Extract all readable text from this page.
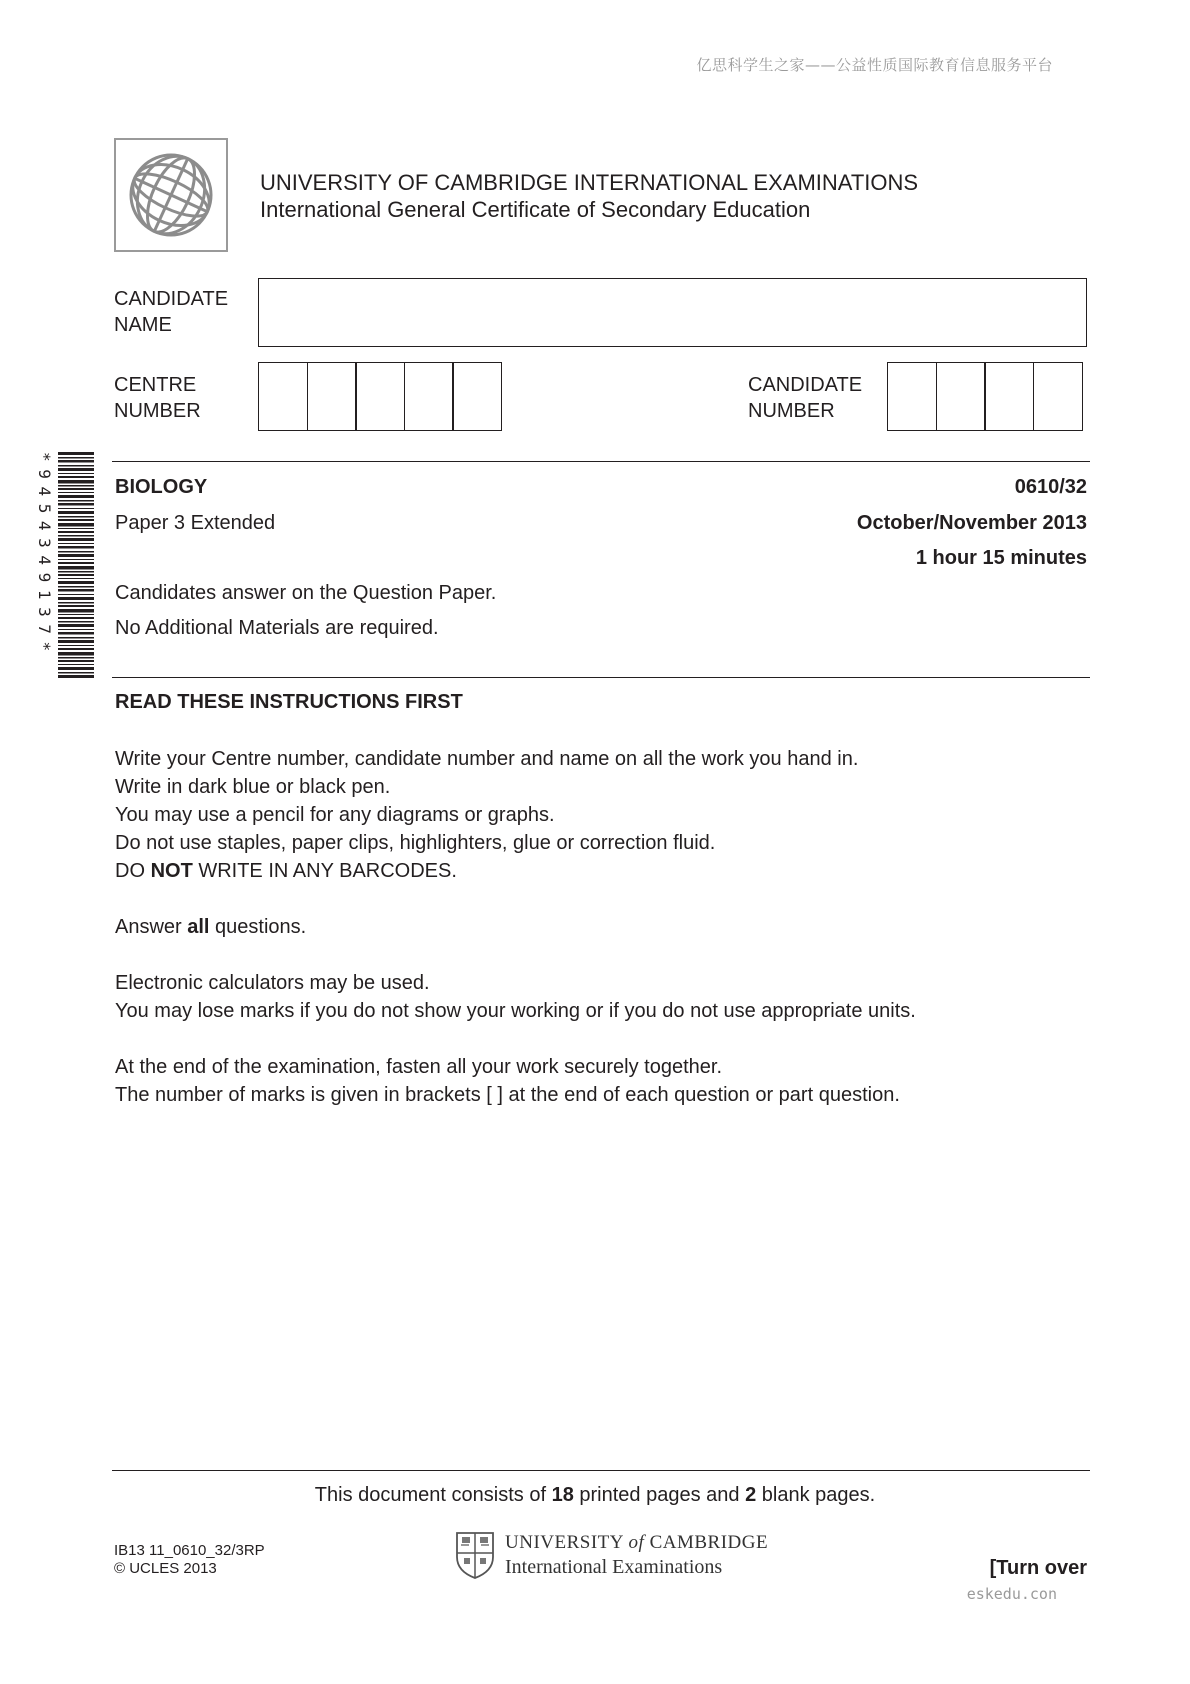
亿思科学生之家——公益性质国际教育信息服务平台
UNIVERSITY OF CAMBRIDGE INTERNATIONAL EXAMINATIONS
International General Certificate of Secondary Education
CANDIDATE
NAME
CENTRE
NUMBER
CANDIDATE
NUMBER
*9454349137*	BIOLOGY
Paper 3 Extended
0610/32
October/November 2013
1 hour 15 minutes
Candidates answer on the Question Paper.
No Additional Materials are required.
READ THESE INSTRUCTIONS FIRST
Write your Centre number, candidate number and name on all the work you hand in.
Write in dark blue or black pen.
You may use a pencil for any diagrams or graphs.
Do not use staples, paper clips, highlighters, glue or correction fluid.
DO NOT WRITE IN ANY BARCODES.
Answer all questions.
Electronic calculators may be used.
You may lose marks if you do not show your working or if you do not use appropriate units.
At the end of the examination, fasten all your work securely together.
The number of marks is given in brackets [ ] at the end of each question or part question.
This document consists of 18 printed pages and 2 blank pages.
IB13 11_0610_32/3RP
© UCLES 2013
UNIVERSITY of CAMBRIDGE
International Examinations	[Turn over
eskedu.con
